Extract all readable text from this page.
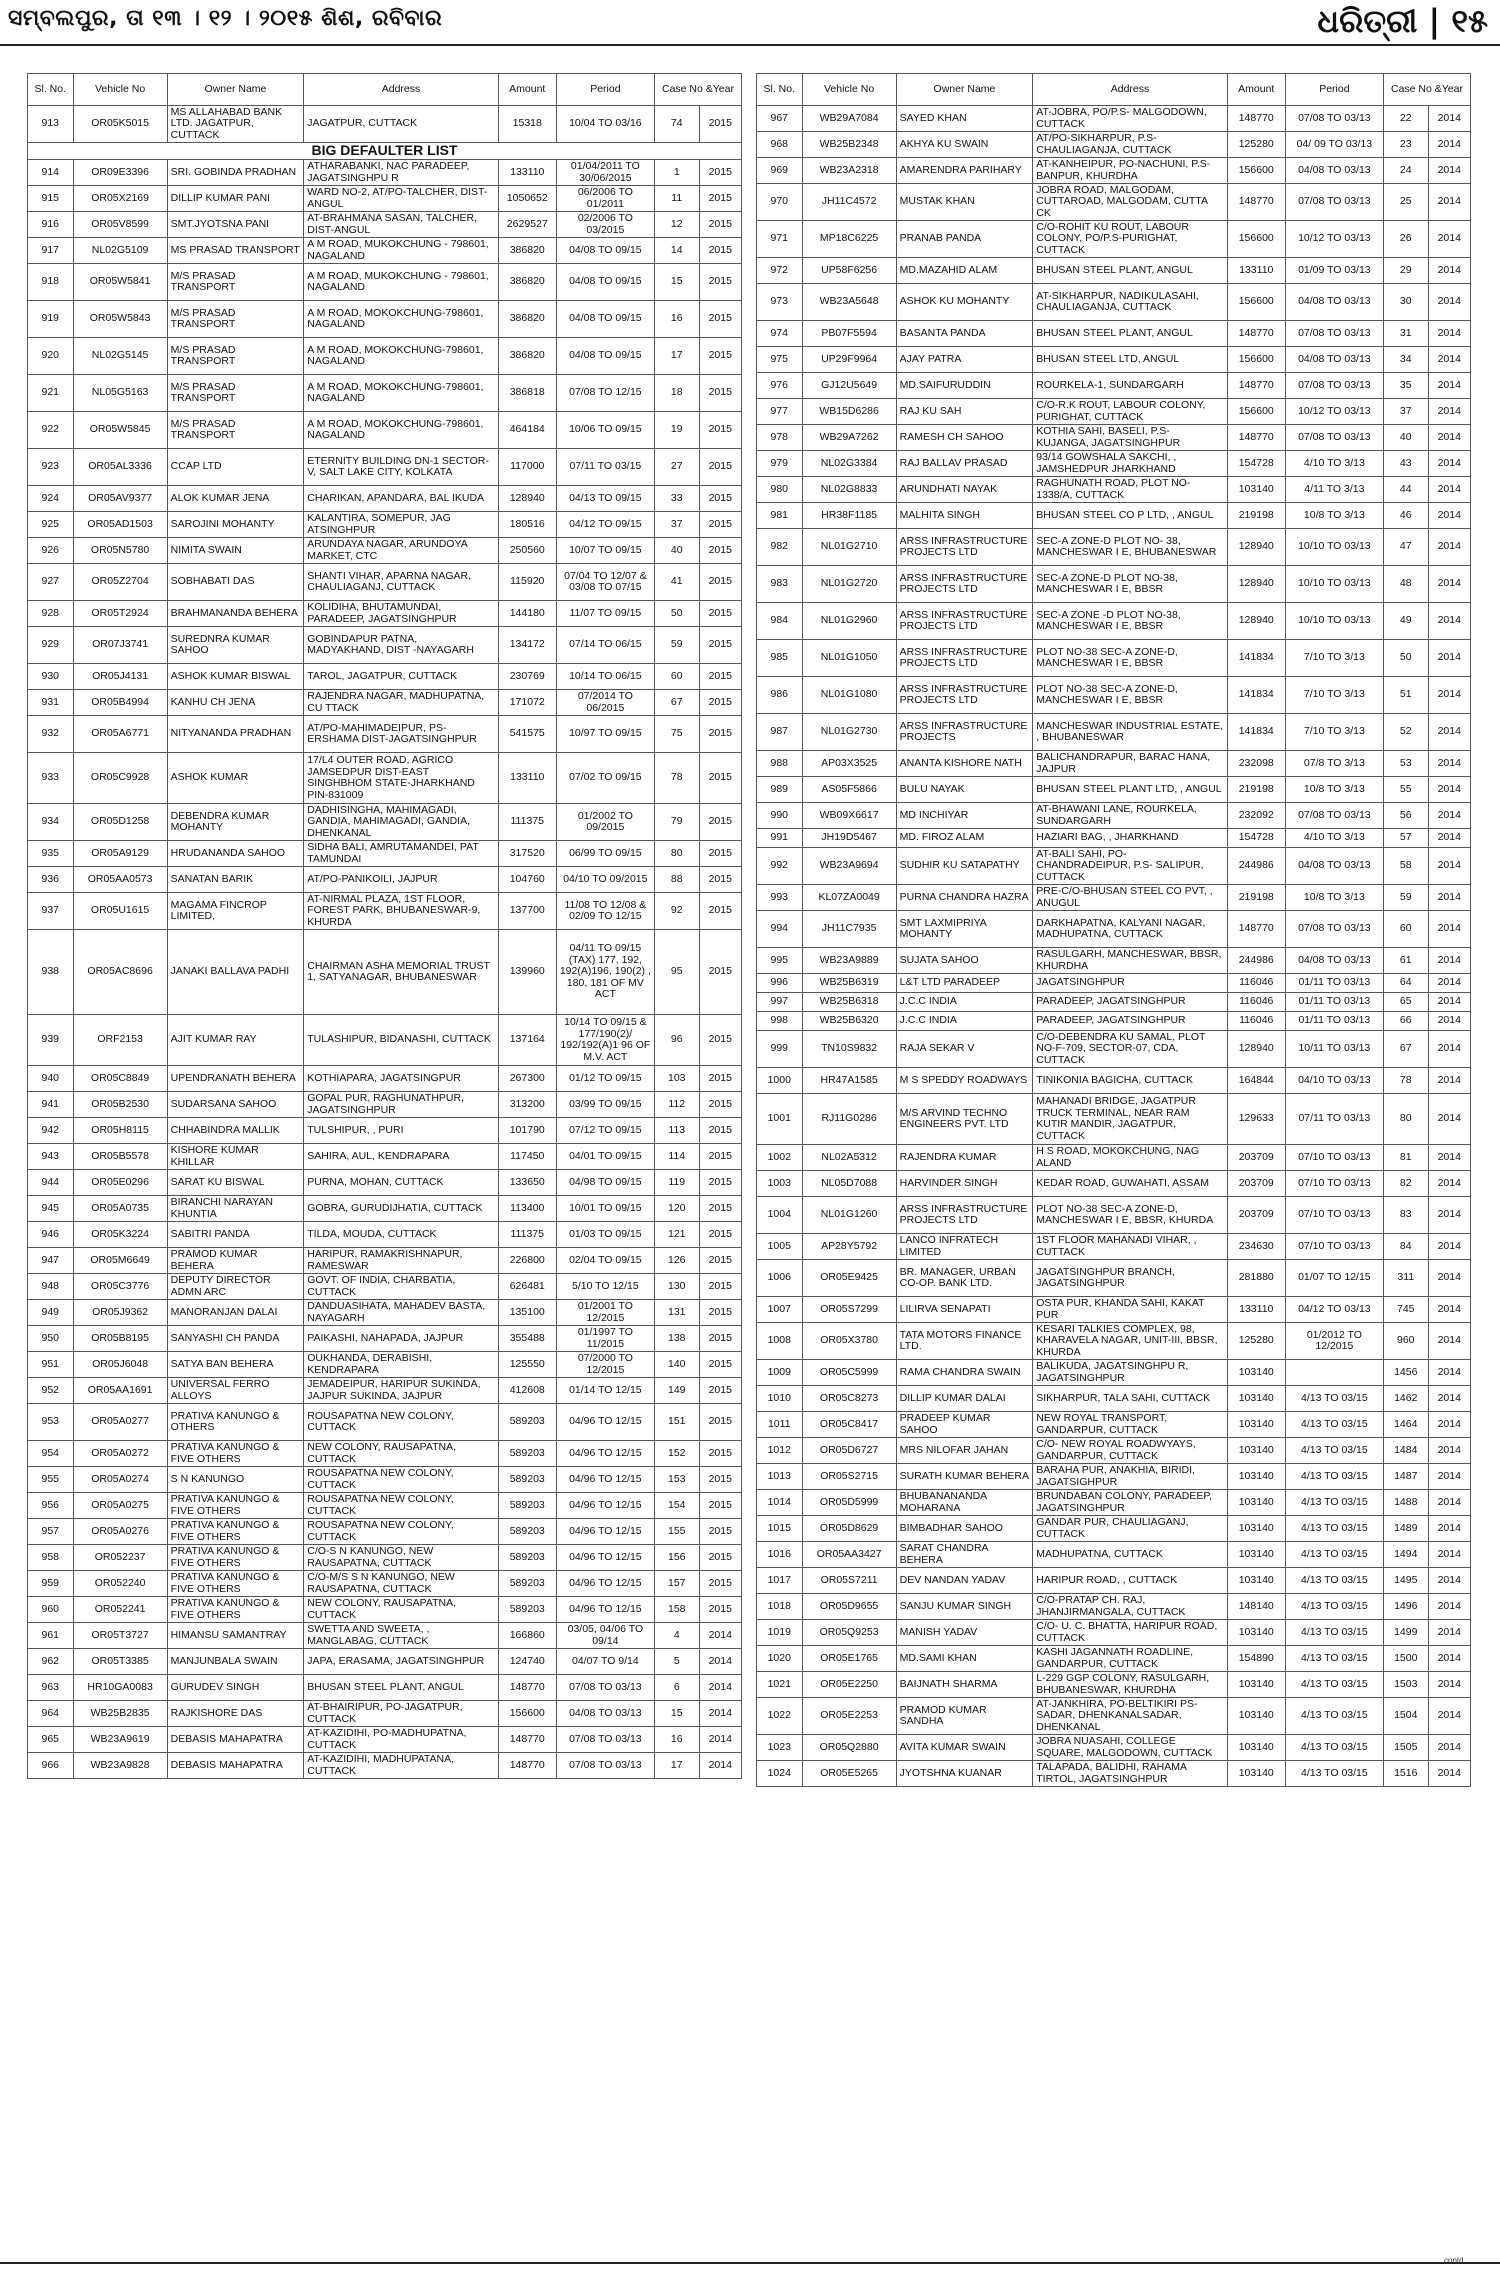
ସମ୍ବଲପୁର, ତା ୧୩ । ୧୨ । ୨୦୧୫ ଶିଶ, ରବିବାର	ଧରିତ୍ରୀ | ୧୫
Sl. No.	Vehicle No	Owner Name	Address	Amount	Period	Case No &Year	
913	OR05K5015	MS ALLAHABAD BANK LTD. JAGATPUR, CUTTACK	JAGATPUR, CUTTACK	15318	10/04 TO 03/16	74	2015
BIG DEFAULTER LIST							
914	OR09E3396	SRI. GOBINDA PRADHAN	ATHARABANKI, NAC PARADEEP, JAGATSINGHPU R	133110	01/04/2011 TO 30/06/2015	1	2015
915	OR05X2169	DILLIP KUMAR PANI	WARD NO-2, AT/PO-TALCHER, DIST-ANGUL	1050652	06/2006 TO 01/2011	11	2015
916	OR05V8599	SMT.JYOTSNA PANI	AT-BRAHMANA SASAN, TALCHER, DIST-ANGUL	2629527	02/2006 TO 03/2015	12	2015
917	NL02G5109	MS PRASAD TRANSPORT	A M ROAD, MUKOKCHUNG - 798601, NAGALAND	386820	04/08 TO 09/15	14	2015
918	OR05W5841	M/S PRASAD TRANSPORT	A M ROAD, MUKOKCHUNG - 798601, NAGALAND	386820	04/08 TO 09/15	15	2015
919	OR05W5843	M/S PRASAD TRANSPORT	A M ROAD, MOKOKCHUNG-798601, NAGALAND	386820	04/08 TO 09/15	16	2015
920	NL02G5145	M/S PRASAD TRANSPORT	A M ROAD, MOKOKCHUNG-798601, NAGALAND	386820	04/08 TO 09/15	17	2015
921	NL05G5163	M/S PRASAD TRANSPORT	A M ROAD, MOKOKCHUNG-798601, NAGALAND	386818	07/08 TO 12/15	18	2015
922	OR05W5845	M/S PRASAD TRANSPORT	A M ROAD, MOKOKCHUNG-798601, NAGALAND	464184	10/06 TO 09/15	19	2015
923	OR05AL3336	CCAP LTD	ETERNITY BUILDING DN-1 SECTOR-V, SALT LAKE CITY, KOLKATA	117000	07/11 TO 03/15	27	2015
924	OR05AV9377	ALOK KUMAR JENA	CHARIKAN, APANDARA, BAL IKUDA	128940	04/13 TO 09/15	33	2015
925	OR05AD1503	SAROJINI MOHANTY	KALANTIRA, SOMEPUR, JAG ATSINGHPUR	180516	04/12 TO 09/15	37	2015
926	OR05N5780	NIMITA SWAIN	ARUNDAYA NAGAR, ARUNDOYA MARKET, CTC	250560	10/07 TO 09/15	40	2015
927	OR05Z2704	SOBHABATI DAS	SHANTI VIHAR, APARNA NAGAR, CHAULIAGANJ, CUTTACK	115920	07/04 TO 12/07 & 03/08 TO 07/15	41	2015
928	OR05T2924	BRAHMANANDA BEHERA	KOLIDIHA, BHUTAMUNDAI, PARADEEP, JAGATSINGHPUR	144180	11/07 TO 09/15	50	2015
929	OR07J3741	SUREDNRA KUMAR SAHOO	GOBINDAPUR PATNA, MADYAKHAND, DIST -NAYAGARH	134172	07/14 TO 06/15	59	2015
930	OR05J4131	ASHOK KUMAR BISWAL	TAROL, JAGATPUR, CUTTACK	230769	10/14 TO 06/15	60	2015
931	OR05B4994	KANHU CH JENA	RAJENDRA NAGAR, MADHUPATNA, CU TTACK	171072	07/2014 TO 06/2015	67	2015
932	OR05A6771	NITYANANDA PRADHAN	AT/PO-MAHIMADEIPUR, PS-ERSHAMA DIST-JAGATSINGHPUR	541575	10/97 TO 09/15	75	2015
933	OR05C9928	ASHOK KUMAR	17/L4 OUTER ROAD, AGRICO JAMSEDPUR DIST-EAST SINGHBHOM STATE-JHARKHAND PIN-831009	133110	07/02 TO 09/15	78	2015
934	OR05D1258	DEBENDRA KUMAR MOHANTY	DADHISINGHA, MAHIMAGADI, GANDIA, MAHIMAGADI, GANDIA, DHENKANAL	111375	01/2002 TO 09/2015	79	2015
935	OR05A9129	HRUDANANDA SAHOO	SIDHA BALI, AMRUTAMANDEI, PAT TAMUNDAI	317520	06/99 TO 09/15	80	2015
936	OR05AA0573	SANATAN BARIK	AT/PO-PANIKOILI, JAJPUR	104760	04/10 TO 09/2015	88	2015
937	OR05U1615	MAGAMA FINCROP LIMITED,	AT-NIRMAL PLAZA, 1ST FLOOR, FOREST PARK, BHUBANESWAR-9, KHURDA	137700	11/08 TO 12/08 & 02/09 TO 12/15	92	2015
938	OR05AC8696	JANAKI BALLAVA PADHI	CHAIRMAN ASHA MEMORIAL TRUST 1, SATYANAGAR, BHUBANESWAR	139960	04/11 TO 09/15 (TAX) 177, 192, 192(A)196, 190(2) , 180, 181 OF MV ACT	95	2015
939	ORF2153	AJIT KUMAR RAY	TULASHIPUR, BIDANASHI, CUTTACK	137164	10/14 TO 09/15 & 177/190(2)/ 192/192(A)1 96 OF M.V. ACT	96	2015
940	OR05C8849	UPENDRANATH BEHERA	KOTHIAPARA, JAGATSINGPUR	267300	01/12 TO 09/15	103	2015
941	OR05B2530	SUDARSANA SAHOO	GOPAL PUR, RAGHUNATHPUR, JAGATSINGHPUR	313200	03/99 TO 09/15	112	2015
942	OR05H8115	CHHABINDRA MALLIK	TULSHIPUR, , PURI	101790	07/12 TO 09/15	113	2015
943	OR05B5578	KISHORE KUMAR KHILLAR	SAHIRA, AUL, KENDRAPARA	117450	04/01 TO 09/15	114	2015
944	OR05E0296	SARAT KU BISWAL	PURNA, MOHAN, CUTTACK	133650	04/98 TO 09/15	119	2015
945	OR05A0735	BIRANCHI NARAYAN KHUNTIA	GOBRA, GURUDIJHATIA, CUTTACK	113400	10/01 TO 09/15	120	2015
946	OR05K3224	SABITRI PANDA	TILDA, MOUDA, CUTTACK	111375	01/03 TO 09/15	121	2015
947	OR05M6649	PRAMOD KUMAR BEHERA	HARIPUR, RAMAKRISHNAPUR, RAMESWAR	226800	02/04 TO 09/15	126	2015
948	OR05C3776	DEPUTY DIRECTOR ADMN ARC	GOVT. OF INDIA, CHARBATIA, CUTTACK	626481	5/10 TO 12/15	130	2015
949	OR05J9362	MANORANJAN DALAI	DANDUASIHATA, MAHADEV BASTA, NAYAGARH	135100	01/2001 TO 12/2015	131	2015
950	OR05B8195	SANYASHI CH PANDA	PAIKASHI, NAHAPADA, JAJPUR	355488	01/1997 TO 11/2015	138	2015
951	OR05J6048	SATYA BAN BEHERA	OUKHANDA, DERABISHI, KENDRAPARA	125550	07/2000 TO 12/2015	140	2015
952	OR05AA1691	UNIVERSAL FERRO ALLOYS	JEMADEIPUR, HARIPUR SUKINDA, JAJPUR SUKINDA, JAJPUR	412608	01/14 TO 12/15	149	2015
953	OR05A0277	PRATIVA KANUNGO & OTHERS	ROUSAPATNA NEW COLONY, CUTTACK	589203	04/96 TO 12/15	151	2015
954	OR05A0272	PRATIVA KANUNGO & FIVE OTHERS	NEW COLONY, RAUSAPATNA, CUTTACK	589203	04/96 TO 12/15	152	2015
955	OR05A0274	S N KANUNGO	ROUSAPATNA NEW COLONY, CUTTACK	589203	04/96 TO 12/15	153	2015
956	OR05A0275	PRATIVA KANUNGO & FIVE OTHERS	ROUSAPATNA NEW COLONY, CUTTACK	589203	04/96 TO 12/15	154	2015
957	OR05A0276	PRATIVA KANUNGO & FIVE OTHERS	ROUSAPATNA NEW COLONY, CUTTACK	589203	04/96 TO 12/15	155	2015
958	OR052237	PRATIVA KANUNGO & FIVE OTHERS	C/O-S N KANUNGO, NEW RAUSAPATNA, CUTTACK	589203	04/96 TO 12/15	156	2015
959	OR052240	PRATIVA KANUNGO & FIVE OTHERS	C/O-M/S S N KANUNGO, NEW RAUSAPATNA, CUTTACK	589203	04/96 TO 12/15	157	2015
960	OR052241	PRATIVA KANUNGO & FIVE OTHERS	NEW COLONY, RAUSAPATNA, CUTTACK	589203	04/96 TO 12/15	158	2015
961	OR05T3727	HIMANSU SAMANTRAY	SWETTA AND SWEETA, , MANGLABAG, CUTTACK	166860	03/05, 04/06 TO 09/14	4	2014
962	OR05T3385	MANJUNBALA SWAIN	JAPA, ERASAMA, JAGATSINGHPUR	124740	04/07 TO 9/14	5	2014
963	HR10GA0083	GURUDEV SINGH	BHUSAN STEEL PLANT, ANGUL	148770	07/08 TO 03/13	6	2014
964	WB25B2835	RAJKISHORE DAS	AT-BHAIRIPUR, PO-JAGATPUR, CUTTACK	156600	04/08 TO 03/13	15	2014
965	WB23A9619	DEBASIS MAHAPATRA	AT-KAZIDIHI, PO-MADHUPATNA, CUTTACK	148770	07/08 TO 03/13	16	2014
966	WB23A9828	DEBASIS MAHAPATRA	AT-KAZIDIHI, MADHUPATANA, CUTTACK	148770	07/08 TO 03/13	17	2014
Sl. No.	Vehicle No	Owner Name	Address	Amount	Period	Case No &Year	
967	WB29A7084	SAYED KHAN	AT-JOBRA, PO/P.S- MALGODOWN, CUTTACK	148770	07/08 TO 03/13	22	2014
968	WB25B2348	AKHYA KU SWAIN	AT/PO-SIKHARPUR, P.S- CHAULIAGANJA, CUTTACK	125280	04/ 09 TO 03/13	23	2014
969	WB23A2318	AMARENDRA PARIHARY	AT-KANHEIPUR, PO-NACHUNI, P.S-BANPUR, KHURDHA	156600	04/08 TO 03/13	24	2014
970	JH11C4572	MUSTAK KHAN	JOBRA ROAD, MALGODAM, CUTTAROAD, MALGODAM, CUTTA CK	148770	07/08 TO 03/13	25	2014
971	MP18C6225	PRANAB PANDA	C/O-ROHIT KU ROUT, LABOUR COLONY, PO/P.S-PURIGHAT, CUTTACK	156600	10/12 TO 03/13	26	2014
972	UP58F6256	MD.MAZAHID ALAM	BHUSAN STEEL PLANT, ANGUL	133110	01/09 TO 03/13	29	2014
973	WB23A5648	ASHOK KU MOHANTY	AT-SIKHARPUR, NADIKULASAHI, CHAULIAGANJA, CUTTACK	156600	04/08 TO 03/13	30	2014
974	PB07F5594	BASANTA PANDA	BHUSAN STEEL PLANT, ANGUL	148770	07/08 TO 03/13	31	2014
975	UP29F9964	AJAY PATRA	BHUSAN STEEL LTD, ANGUL	156600	04/08 TO 03/13	34	2014
976	GJ12U5649	MD.SAIFURUDDIN	ROURKELA-1, SUNDARGARH	148770	07/08 TO 03/13	35	2014
977	WB15D6286	RAJ KU SAH	C/O-R.K ROUT, LABOUR COLONY, PURIGHAT, CUTTACK	156600	10/12 TO 03/13	37	2014
978	WB29A7262	RAMESH CH SAHOO	KOTHIA SAHI, BASELI, P.S- KUJANGA, JAGATSINGHPUR	148770	07/08 TO 03/13	40	2014
979	NL02G3384	RAJ BALLAV PRASAD	93/14 GOWSHALA SAKCHI, , JAMSHEDPUR JHARKHAND	154728	4/10 TO 3/13	43	2014
980	NL02G8833	ARUNDHATI NAYAK	RAGHUNATH ROAD, PLOT NO- 1338/A, CUTTACK	103140	4/11 TO 3/13	44	2014
981	HR38F1185	MALHITA SINGH	BHUSAN STEEL CO P LTD, , ANGUL	219198	10/8 TO 3/13	46	2014
982	NL01G2710	ARSS INFRASTRUCTURE PROJECTS LTD	SEC-A ZONE-D PLOT NO- 38, MANCHESWAR I E, BHUBANESWAR	128940	10/10 TO 03/13	47	2014
983	NL01G2720	ARSS INFRASTRUCTURE PROJECTS LTD	SEC-A ZONE-D PLOT NO-38, MANCHESWAR I E, BBSR	128940	10/10 TO 03/13	48	2014
984	NL01G2960	ARSS INFRASTRUCTURE PROJECTS LTD	SEC-A ZONE -D PLOT NO-38, MANCHESWAR I E, BBSR	128940	10/10 TO 03/13	49	2014
985	NL01G1050	ARSS INFRASTRUCTURE PROJECTS LTD	PLOT NO-38 SEC-A ZONE-D, MANCHESWAR I E, BBSR	141834	7/10 TO 3/13	50	2014
986	NL01G1080	ARSS INFRASTRUCTURE PROJECTS LTD	PLOT NO-38 SEC-A ZONE-D, MANCHESWAR I E, BBSR	141834	7/10 TO 3/13	51	2014
987	NL01G2730	ARSS INFRASTRUCTURE PROJECTS	MANCHESWAR INDUSTRIAL ESTATE, , BHUBANESWAR	141834	7/10 TO 3/13	52	2014
988	AP03X3525	ANANTA KISHORE NATH	BALICHANDRAPUR, BARAC HANA, JAJPUR	232098	07/8 TO 3/13	53	2014
989	AS05F5866	BULU NAYAK	BHUSAN STEEL PLANT LTD, , ANGUL	219198	10/8 TO 3/13	55	2014
990	WB09X6617	MD INCHIYAR	AT-BHAWANI LANE, ROURKELA, SUNDARGARH	232092	07/08 TO 03/13	56	2014
991	JH19D5467	MD. FIROZ ALAM	HAZIARI BAG, , JHARKHAND	154728	4/10 TO 3/13	57	2014
992	WB23A9694	SUDHIR KU SATAPATHY	AT-BALI SAHI, PO- CHANDRADEIPUR, P.S- SALIPUR, CUTTACK	244986	04/08 TO 03/13	58	2014
993	KL07ZA0049	PURNA CHANDRA HAZRA	PRE-C/O-BHUSAN STEEL CO PVT, , ANUGUL	219198	10/8 TO 3/13	59	2014
994	JH11C7935	SMT LAXMIPRIYA MOHANTY	DARKHAPATNA, KALYANI NAGAR, MADHUPATNA, CUTTACK	148770	07/08 TO 03/13	60	2014
995	WB23A9889	SUJATA SAHOO	RASULGARH, MANCHESWAR, BBSR, KHURDHA	244986	04/08 TO 03/13	61	2014
996	WB25B6319	L&T LTD PARADEEP	JAGATSINGHPUR	116046	01/11 TO 03/13	64	2014
997	WB25B6318	J.C.C INDIA	PARADEEP, JAGATSINGHPUR	116046	01/11 TO 03/13	65	2014
998	WB25B6320	J.C.C INDIA	PARADEEP, JAGATSINGHPUR	116046	01/11 TO 03/13	66	2014
999	TN10S9832	RAJA SEKAR V	C/O-DEBENDRA KU SAMAL, PLOT NO-F-709, SECTOR-07, CDA, CUTTACK	128940	10/11 TO 03/13	67	2014
1000	HR47A1585	M S SPEDDY ROADWAYS	TINIKONIA BAGICHA, CUTTACK	164844	04/10 TO 03/13	78	2014
1001	RJ11G0286	M/S ARVIND TECHNO ENGINEERS PVT. LTD	MAHANADI BRIDGE, JAGATPUR TRUCK TERMINAL, NEAR RAM KUTIR MANDIR, JAGATPUR, CUTTACK	129633	07/11 TO 03/13	80	2014
1002	NL02A5312	RAJENDRA KUMAR	H S ROAD, MOKOKCHUNG, NAG ALAND	203709	07/10 TO 03/13	81	2014
1003	NL05D7088	HARVINDER SINGH	KEDAR ROAD, GUWAHATI, ASSAM	203709	07/10 TO 03/13	82	2014
1004	NL01G1260	ARSS INFRASTRUCTURE PROJECTS LTD	PLOT NO-38 SEC-A ZONE-D, MANCHESWAR I E, BBSR, KHURDA	203709	07/10 TO 03/13	83	2014
1005	AP28Y5792	LANCO INFRATECH LIMITED	1ST FLOOR MAHANADI VIHAR, , CUTTACK	234630	07/10 TO 03/13	84	2014
1006	OR05E9425	BR. MANAGER, URBAN CO-OP. BANK LTD.	JAGATSINGHPUR BRANCH, JAGATSINGHPUR	281880	01/07 TO 12/15	311	2014
1007	OR05S7299	LILIRVA SENAPATI	OSTA PUR, KHANDA SAHI, KAKAT PUR	133110	04/12 TO 03/13	745	2014
1008	OR05X3780	TATA MOTORS FINANCE LTD.	KESARI TALKIES COMPLEX, 98, KHARAVELA NAGAR, UNIT-III, BBSR, KHURDA	125280	01/2012 TO 12/2015	960	2014
1009	OR05C5999	RAMA CHANDRA SWAIN	BALIKUDA, JAGATSINGHPU R, JAGATSINGHPUR	103140		1456	2014
1010	OR05C8273	DILLIP KUMAR DALAI	SIKHARPUR, TALA SAHI, CUTTACK	103140	4/13 TO 03/15	1462	2014
1011	OR05C8417	PRADEEP KUMAR SAHOO	NEW ROYAL TRANSPORT, GANDARPUR, CUTTACK	103140	4/13 TO 03/15	1464	2014
1012	OR05D6727	MRS NILOFAR JAHAN	C/O- NEW ROYAL ROADWYAYS, GANDARPUR, CUTTACK	103140	4/13 TO 03/15	1484	2014
1013	OR05S2715	SURATH KUMAR BEHERA	BARAHA PUR, ANAKHIA, BIRIDI, JAGATSIGHPUR	103140	4/13 TO 03/15	1487	2014
1014	OR05D5999	BHUBANANANDA MOHARANA	BRUNDABAN COLONY, PARADEEP, JAGATSINGHPUR	103140	4/13 TO 03/15	1488	2014
1015	OR05D8629	BIMBADHAR SAHOO	GANDAR PUR, CHAULIAGANJ, CUTTACK	103140	4/13 TO 03/15	1489	2014
1016	OR05AA3427	SARAT CHANDRA BEHERA	MADHUPATNA, CUTTACK	103140	4/13 TO 03/15	1494	2014
1017	OR05S7211	DEV NANDAN YADAV	HARIPUR ROAD, , CUTTACK	103140	4/13 TO 03/15	1495	2014
1018	OR05D9655	SANJU KUMAR SINGH	C/O-PRATAP CH. RAJ, JHANJIRMANGALA, CUTTACK	148140	4/13 TO 03/15	1496	2014
1019	OR05Q9253	MANISH YADAV	C/O- U. C. BHATTA, HARIPUR ROAD, CUTTACK	103140	4/13 TO 03/15	1499	2014
1020	OR05E1765	MD.SAMI KHAN	KASHI JAGANNATH ROADLINE, GANDARPUR, CUTTACK	154890	4/13 TO 03/15	1500	2014
1021	OR05E2250	BAIJNATH SHARMA	L-229 GGP COLONY, RASULGARH, BHUBANESWAR, KHURDHA	103140	4/13 TO 03/15	1503	2014
1022	OR05E2253	PRAMOD KUMAR SANDHA	AT-JANKHIRA, PO-BELTIKIRI PS-SADAR, DHENKANALSADAR, DHENKANAL	103140	4/13 TO 03/15	1504	2014
1023	OR05Q2880	AVITA KUMAR SWAIN	JOBRA NUASAHI, COLLEGE SQUARE, MALGODOWN, CUTTACK	103140	4/13 TO 03/15	1505	2014
1024	OR05E5265	JYOTSHNA KUANAR	TALAPADA, BALIDHI, RAHAMA TIRTOL, JAGATSINGHPUR	103140	4/13 TO 03/15	1516	2014
contd
